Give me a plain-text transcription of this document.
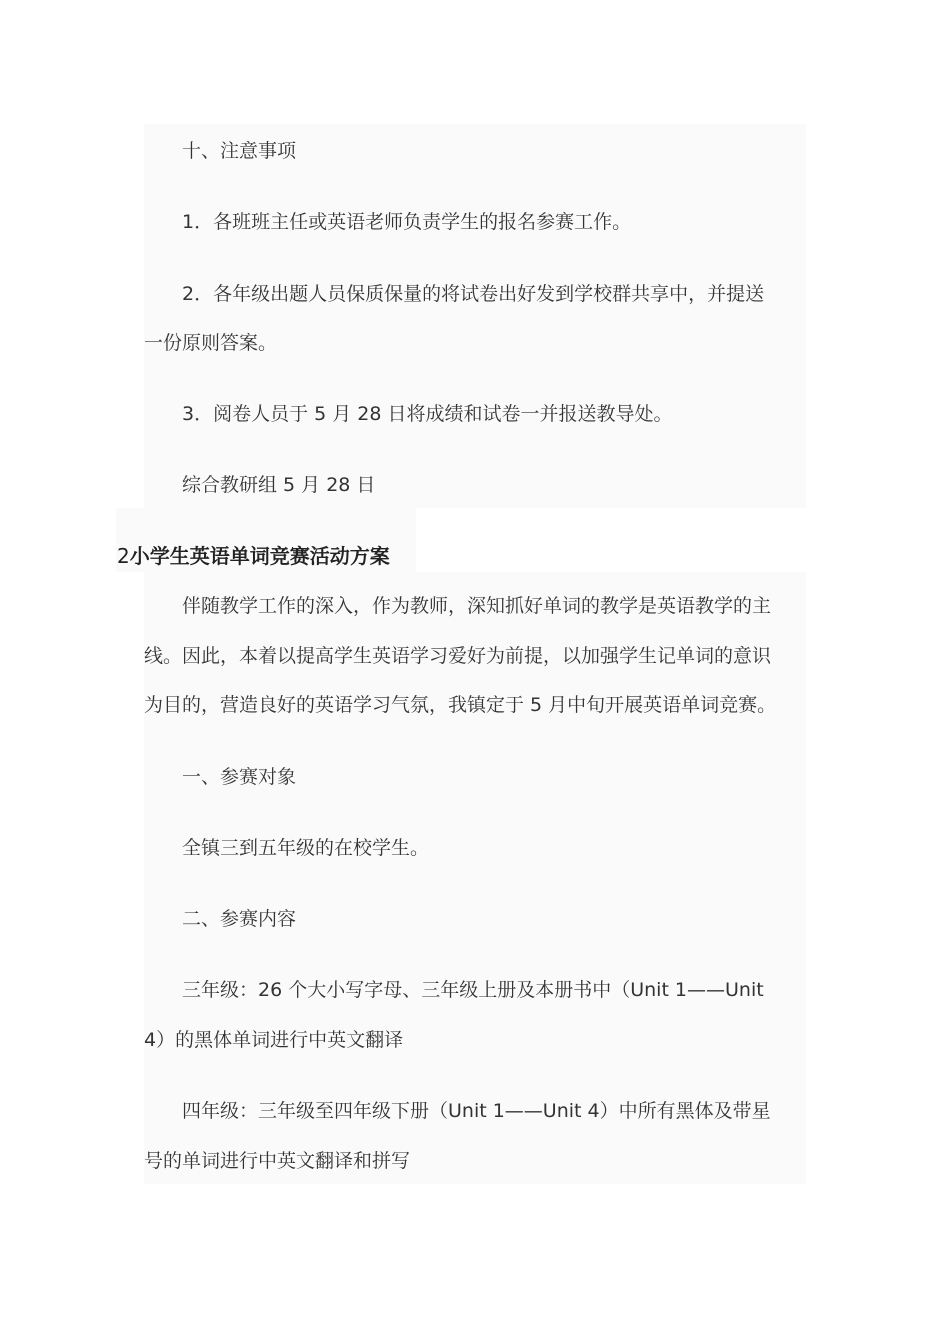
十、注意事项

1．各班班主任或英语老师负责学生的报名参赛工作。

2．各年级出题人员保质保量的将试卷出好发到学校群共享中，并提送

一份原则答案。

3．阅卷人员于 5 月 28 日将成绩和试卷一并报送教导处。

综合教研组 5 月 28 日

2小学生英语单词竞赛活动方案

伴随教学工作的深入，作为教师，深知抓好单词的教学是英语教学的主

线。因此，本着以提高学生英语学习爱好为前提，以加强学生记单词的意识

为目的，营造良好的英语学习气氛，我镇定于 5 月中旬开展英语单词竞赛。

一、参赛对象

全镇三到五年级的在校学生。

二、参赛内容

三年级：26 个大小写字母、三年级上册及本册书中（Unit 1——Unit

4）的黑体单词进行中英文翻译

四年级：三年级至四年级下册（Unit 1——Unit 4）中所有黑体及带星

号的单词进行中英文翻译和拼写
